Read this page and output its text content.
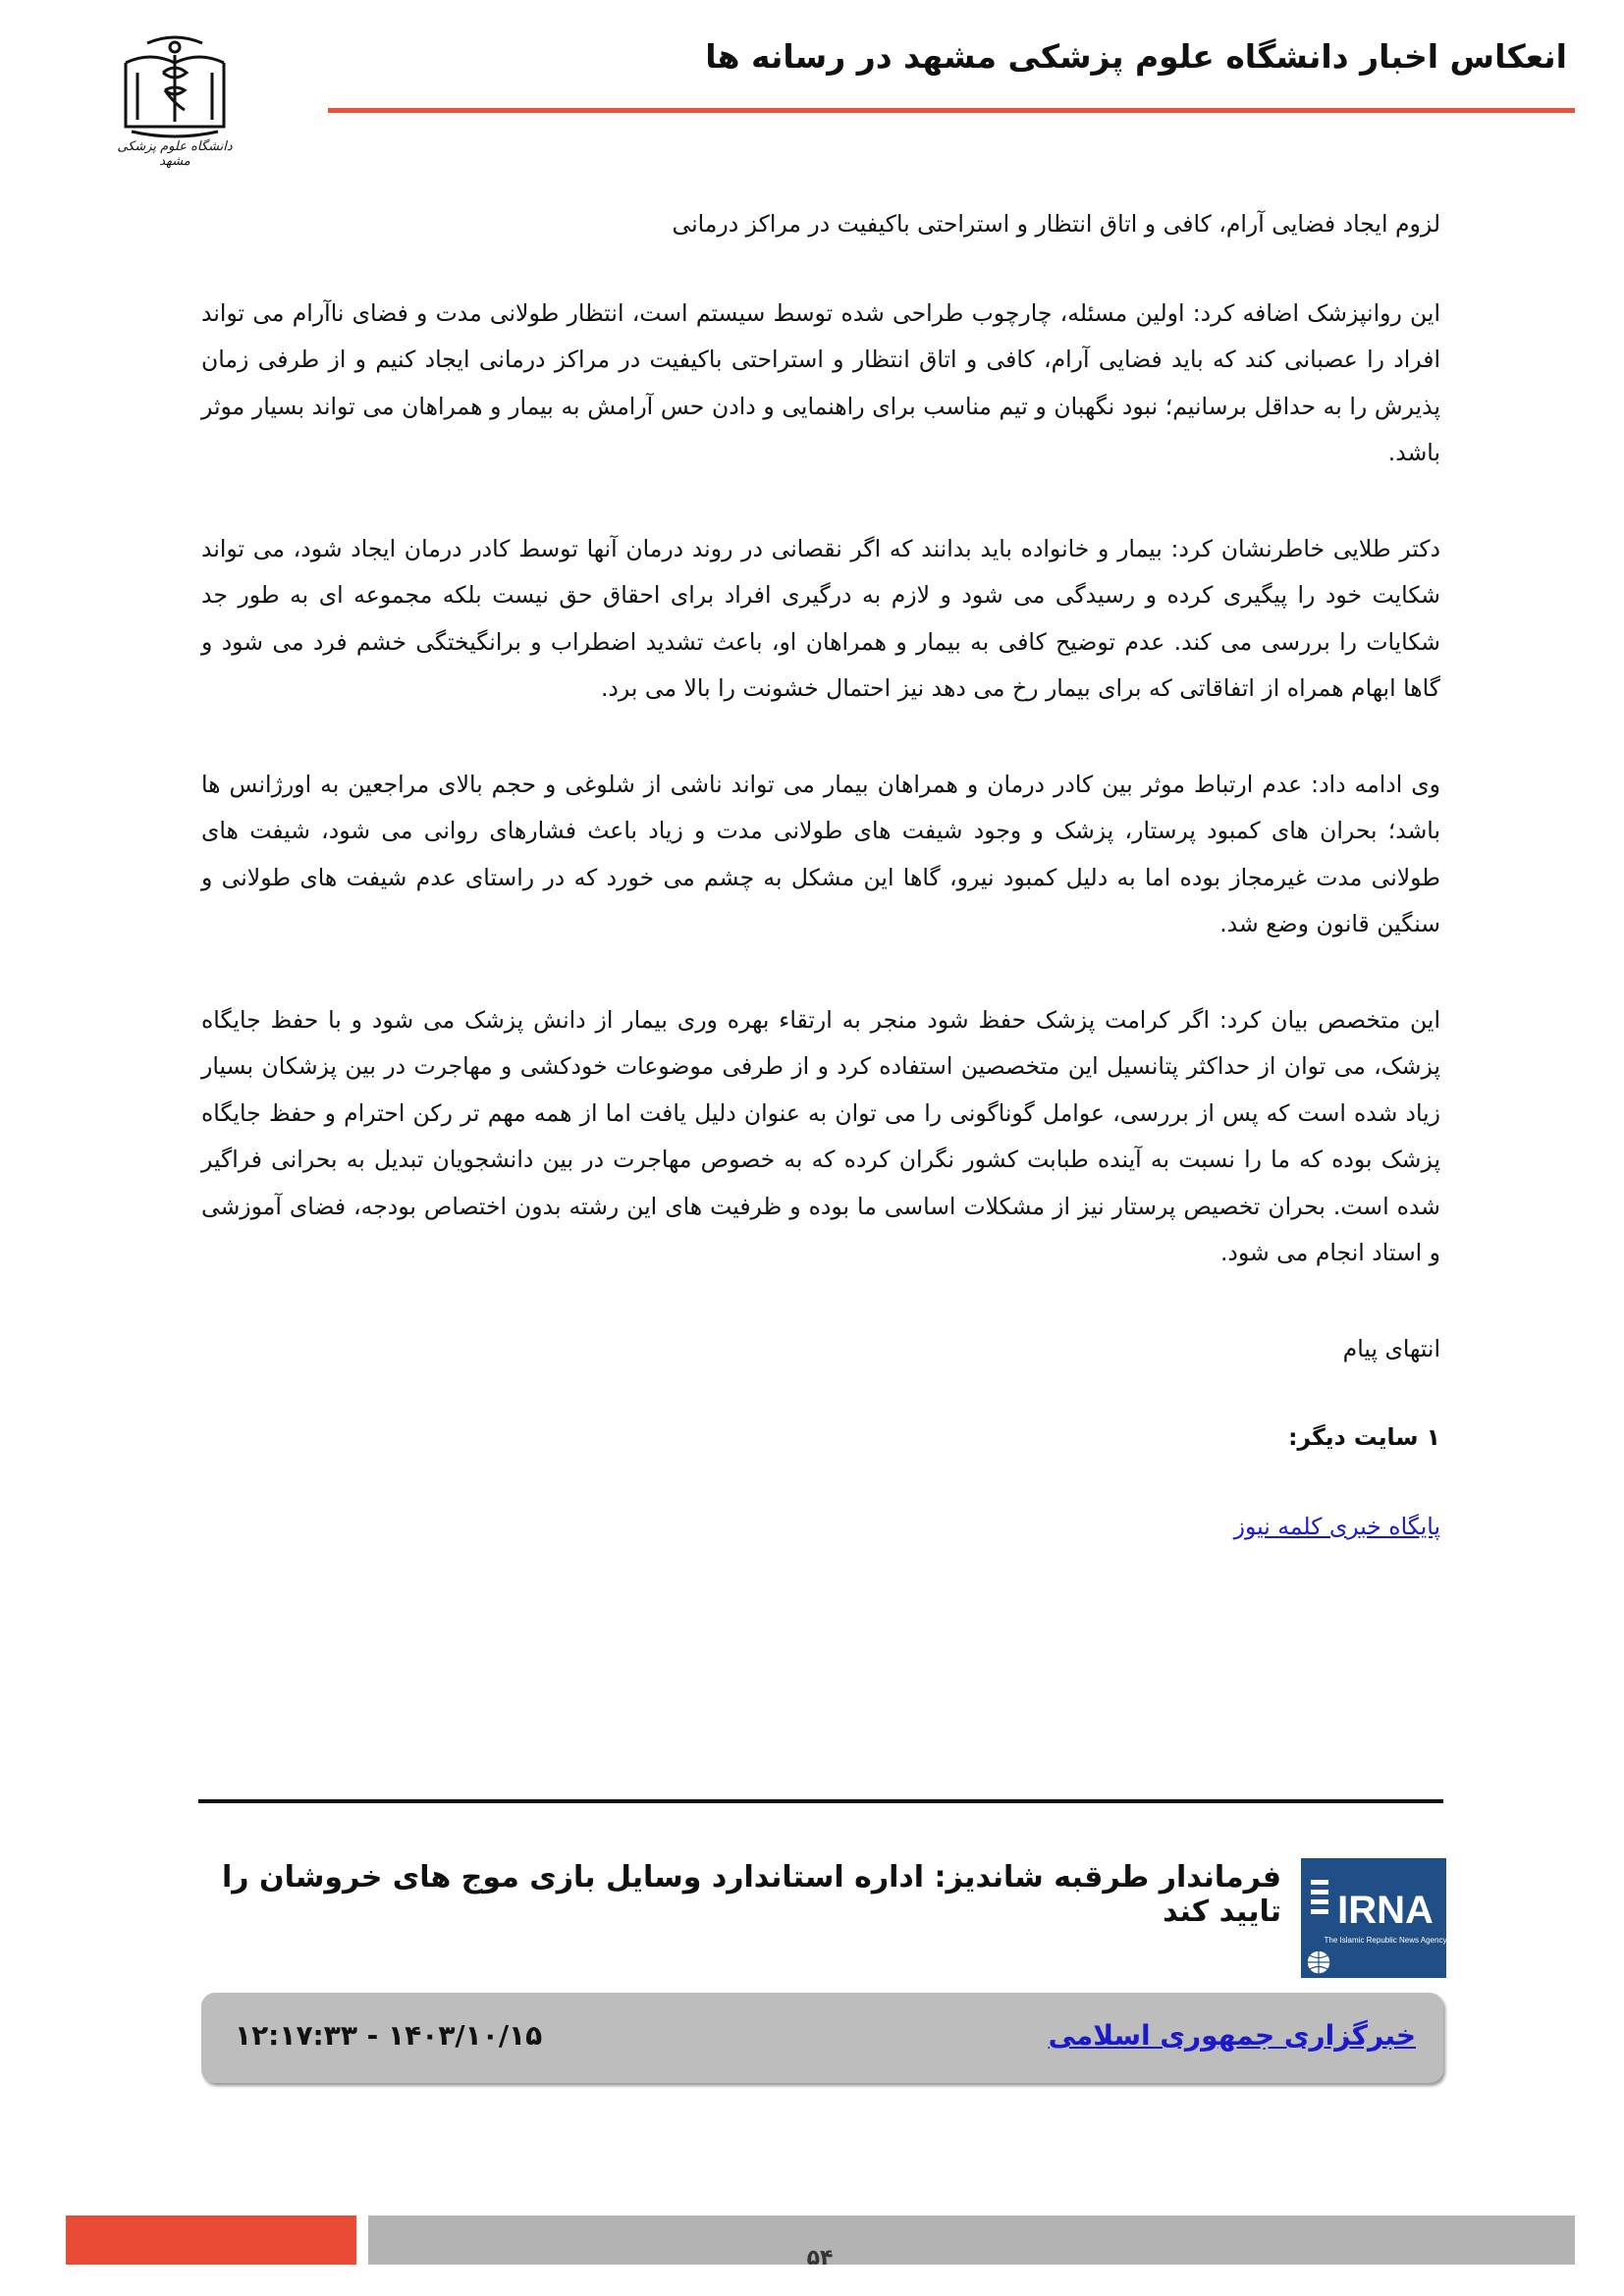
انعکاس اخبار دانشگاه علوم پزشکی مشهد در رسانه ها
دانشگاه علوم پزشکی مشهد

لزوم ایجاد فضایی آرام، کافی و اتاق انتظار و استراحتی باکیفیت در مراکز درمانی

این روانپزشک اضافه کرد: اولین مسئله، چارچوب طراحی شده توسط سیستم است، انتظار طولانی مدت و فضای ناآرام می تواند افراد را عصبانی کند که باید فضایی آرام، کافی و اتاق انتظار و استراحتی باکیفیت در مراکز درمانی ایجاد کنیم و از طرفی زمان پذیرش را به حداقل برسانیم؛ نبود نگهبان و تیم مناسب برای راهنمایی و دادن حس آرامش به بیمار و همراهان می تواند بسیار موثر باشد.

دکتر طلایی خاطرنشان کرد: بیمار و خانواده باید بدانند که اگر نقصانی در روند درمان آنها توسط کادر درمان ایجاد شود، می تواند شکایت خود را پیگیری کرده و رسیدگی می شود و لازم به درگیری افراد برای احقاق حق نیست بلکه مجموعه ای به طور جد شکایات را بررسی می کند. عدم توضیح کافی به بیمار و همراهان او، باعث تشدید اضطراب و برانگیختگی خشم فرد می شود و گاها ابهام همراه از اتفاقاتی که برای بیمار رخ می دهد نیز احتمال خشونت را بالا می برد.

وی ادامه داد: عدم ارتباط موثر بین کادر درمان و همراهان بیمار می تواند ناشی از شلوغی و حجم بالای مراجعین به اورژانس ها باشد؛ بحران های کمبود پرستار، پزشک و وجود شیفت های طولانی مدت و زیاد باعث فشارهای روانی می شود، شیفت های طولانی مدت غیرمجاز بوده اما به دلیل کمبود نیرو، گاها این مشکل به چشم می خورد که در راستای عدم شیفت های طولانی و سنگین قانون وضع شد.

این متخصص بیان کرد: اگر کرامت پزشک حفظ شود منجر به ارتقاء بهره وری بیمار از دانش پزشک می شود و با حفظ جایگاه پزشک، می توان از حداکثر پتانسیل این متخصصین استفاده کرد و از طرفی موضوعات خودکشی و مهاجرت در بین پزشکان بسیار زیاد شده است که پس از بررسی، عوامل گوناگونی را می توان به عنوان دلیل یافت اما از همه مهم تر رکن احترام و حفظ جایگاه پزشک بوده که ما را نسبت به آینده طبابت کشور نگران کرده که به خصوص مهاجرت در بین دانشجویان تبدیل به بحرانی فراگیر شده است. بحران تخصیص پرستار نیز از مشکلات اساسی ما بوده و ظرفیت های این رشته بدون اختصاص بودجه، فضای آموزشی و استاد انجام می شود.

انتهای پیام

۱ سایت دیگر:

پایگاه خبری کلمه نیوز

IRNA
The Islamic Republic News Agency
فرماندار طرقبه شاندیز: اداره استاندارد وسایل بازی موج های خروشان را تایید کند
خبرگزاری جمهوری اسلامی
۱۲:۱۷:۳۳ - ۱۴۰۳/۱۰/۱۵
۵۴
